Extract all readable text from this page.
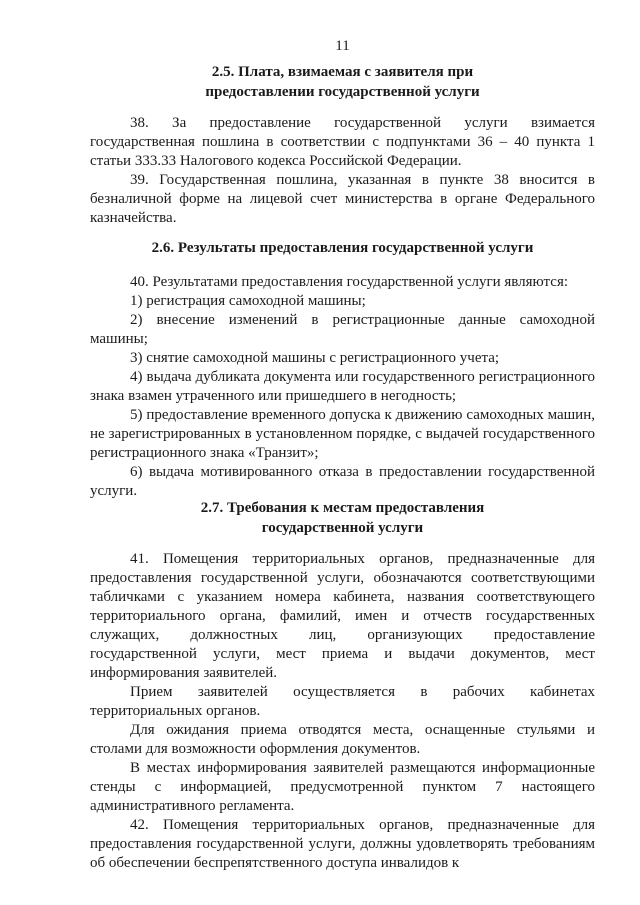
11

2.5. Плата, взимаемая с заявителя при

предоставлении государственной услуги

38. За предоставление государственной услуги взимается государственная пошлина в соответствии с подпунктами 36 – 40 пункта 1 статьи 333.33 Налогового кодекса Российской Федерации.

39. Государственная пошлина, указанная в пункте 38 вносится в безналичной форме на лицевой счет министерства в органе Федерального казначейства.

2.6. Результаты предоставления государственной услуги

40. Результатами предоставления государственной услуги являются:

1) регистрация самоходной машины;

2) внесение изменений в регистрационные данные самоходной машины;

3) снятие самоходной машины с регистрационного учета;

4) выдача дубликата документа или государственного регистрационного знака взамен утраченного или пришедшего в негодность;

5) предоставление временного допуска к движению самоходных машин, не зарегистрированных в установленном порядке, с выдачей государственного регистрационного знака «Транзит»;

6) выдача мотивированного отказа в предоставлении государственной услуги.

2.7. Требования к местам предоставления

государственной услуги

41. Помещения территориальных органов, предназначенные для предоставления государственной услуги, обозначаются соответствующими табличками с указанием номера кабинета, названия соответствующего территориального органа, фамилий, имен и отчеств государственных служащих, должностных лиц, организующих предоставление государственной услуги, мест приема и выдачи документов, мест информирования заявителей.

Прием заявителей осуществляется в рабочих кабинетах территориальных органов.

Для ожидания приема отводятся места, оснащенные стульями и столами для возможности оформления документов.

В местах информирования заявителей размещаются информационные стенды с информацией, предусмотренной пунктом 7 настоящего административного регламента.

42. Помещения территориальных органов, предназначенные для предоставления государственной услуги, должны удовлетворять требованиям об обеспечении беспрепятственного доступа инвалидов к
